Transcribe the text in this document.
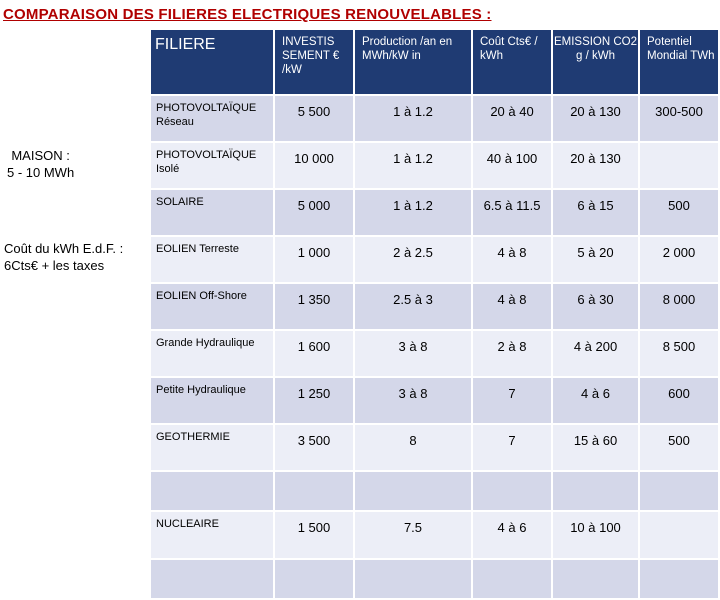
COMPARAISON DES FILIERES ELECTRIQUES RENOUVELABLES :
MAISON :
5 - 10 MWh
Coût du kWh E.d.F. :
6Cts€ + les taxes
FILIERE	INVESTIS SEMENT € /kW	Production /an en MWh/kW in	Coût Cts€ / kWh	EMISSION CO2 g / kWh	Potentiel Mondial TWh
PHOTOVOLTAÏQUE Réseau	5 500	1 à 1.2	20 à 40	20 à 130	300-500
PHOTOVOLTAÏQUE Isolé	10 000	1 à 1.2	40 à 100	20 à 130	
SOLAIRE	5 000	1 à 1.2	6.5 à 11.5	6 à 15	500
EOLIEN Terreste	1 000	2 à 2.5	4 à 8	5 à 20	2 000
EOLIEN Off-Shore	1 350	2.5 à 3	4 à 8	6 à 30	8 000
Grande Hydraulique	1 600	3 à 8	2 à 8	4 à 200	8 500
Petite Hydraulique	1 250	3 à 8	7	4 à 6	600
GEOTHERMIE	3 500	8	7	15 à 60	500

NUCLEAIRE	1 500	7.5	4 à 6	10 à 100	
